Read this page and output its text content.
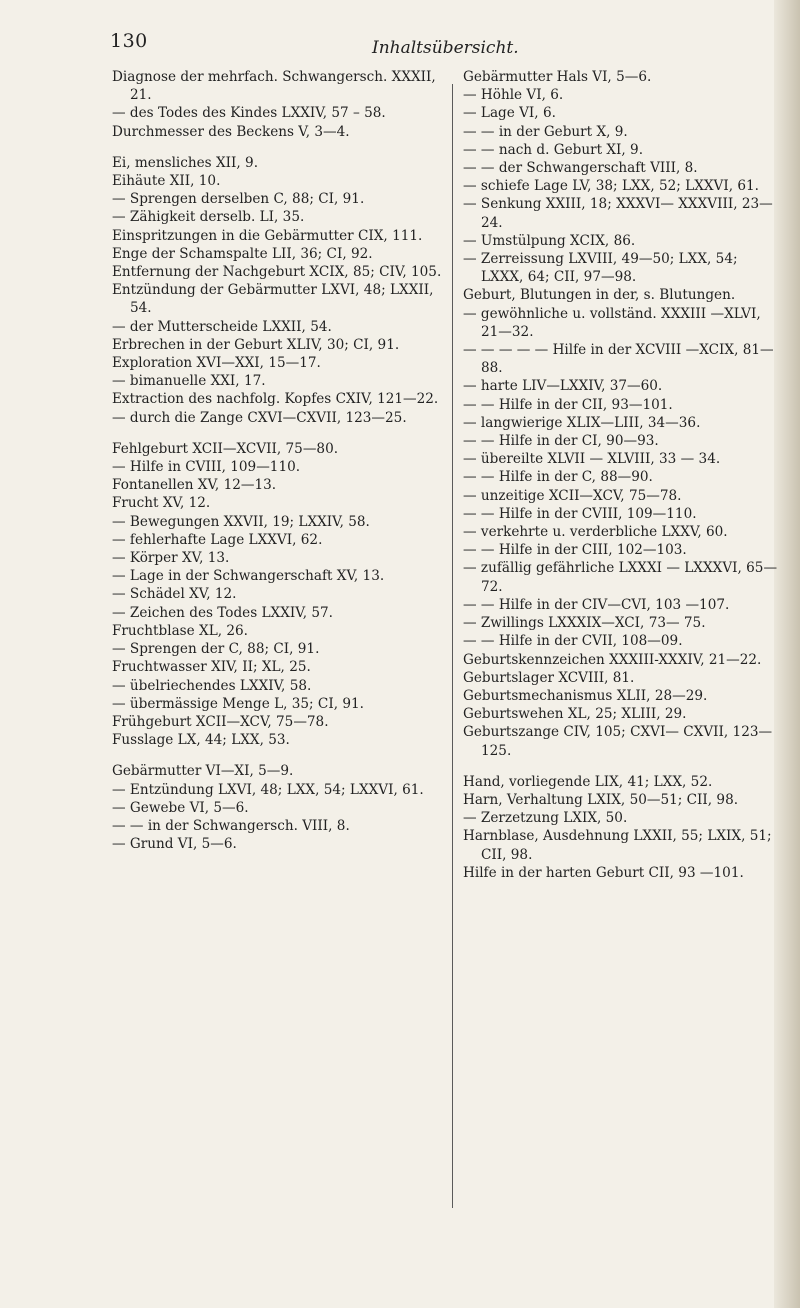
130	Inhaltsübersicht.

Diagnose der mehrfach. Schwangersch. XXXII, 21.

— des Todes des Kindes LXXIV, 57 – 58.

Durchmesser des Beckens V, 3—4.

Ei, mensliches XII, 9.

Eihäute XII, 10.

— Sprengen derselben C, 88; CI, 91.

— Zähigkeit derselb. LI, 35.

Einspritzungen in die Gebärmutter CIX, 111.

Enge der Schamspalte LII, 36; CI, 92.

Entfernung der Nachgeburt XCIX, 85; CIV, 105.

Entzündung der Gebärmutter LXVI, 48; LXXII, 54.

— der Mutterscheide LXXII, 54.

Erbrechen in der Geburt XLIV, 30; CI, 91.

Exploration XVI—XXI, 15—17.

— bimanuelle XXI, 17.

Extraction des nachfolg. Kopfes CXIV, 121—22.

— durch die Zange CXVI—CXVII, 123—25.

Fehlgeburt XCII—XCVII, 75—80.

— Hilfe in CVIII, 109—110.

Fontanellen XV, 12—13.

Frucht XV, 12.

— Bewegungen XXVII, 19; LXXIV, 58.

— fehlerhafte Lage LXXVI, 62.

— Körper XV, 13.

— Lage in der Schwangerschaft XV, 13.

— Schädel XV, 12.

— Zeichen des Todes LXXIV, 57.

Fruchtblase XL, 26.

— Sprengen der C, 88; CI, 91.

Fruchtwasser XIV, II; XL, 25.

— übelriechendes LXXIV, 58.

— übermässige Menge L, 35; CI, 91.

Frühgeburt XCII—XCV, 75—78.

Fusslage LX, 44; LXX, 53.

Gebärmutter VI—XI, 5—9.

— Entzündung LXVI, 48; LXX, 54; LXXVI, 61.

— Gewebe VI, 5—6.

— — in der Schwangersch. VIII, 8.

— Grund VI, 5—6.

Gebärmutter Hals VI, 5—6.

— Höhle VI, 6.

— Lage VI, 6.

— — in der Geburt X, 9.

— — nach d. Geburt XI, 9.

— — der Schwangerschaft VIII, 8.

— schiefe Lage LV, 38; LXX, 52; LXXVI, 61.

— Senkung XXIII, 18; XXXVI— XXXVIII, 23—24.

— Umstülpung XCIX, 86.

— Zerreissung LXVIII, 49—50; LXX, 54; LXXX, 64; CII, 97—98.

Geburt, Blutungen in der, s. Blutungen.

— gewöhnliche u. vollständ. XXXIII —XLVI, 21—32.

— — — — — Hilfe in der XCVIII —XCIX, 81—88.

— harte LIV—LXXIV, 37—60.

— — Hilfe in der CII, 93—101.

— langwierige XLIX—LIII, 34—36.

— — Hilfe in der CI, 90—93.

— übereilte XLVII — XLVIII, 33 — 34.

— — Hilfe in der C, 88—90.

— unzeitige XCII—XCV, 75—78.

— — Hilfe in der CVIII, 109—110.

— verkehrte u. verderbliche LXXV, 60.

— — Hilfe in der CIII, 102—103.

— zufällig gefährliche LXXXI — LXXXVI, 65—72.

— — Hilfe in der CIV—CVI, 103 —107.

— Zwillings LXXXIX—XCI, 73— 75.

— — Hilfe in der CVII, 108—09.

Geburtskennzeichen XXXIII-XXXIV, 21—22.

Geburtslager XCVIII, 81.

Geburtsmechanismus XLII, 28—29.

Geburtswehen XL, 25; XLIII, 29.

Geburtszange CIV, 105; CXVI— CXVII, 123—125.

Hand, vorliegende LIX, 41; LXX, 52.

Harn, Verhaltung LXIX, 50—51; CII, 98.

— Zerzetzung LXIX, 50.

Harnblase, Ausdehnung LXXII, 55; LXIX, 51; CII, 98.

Hilfe in der harten Geburt CII, 93 —101.
